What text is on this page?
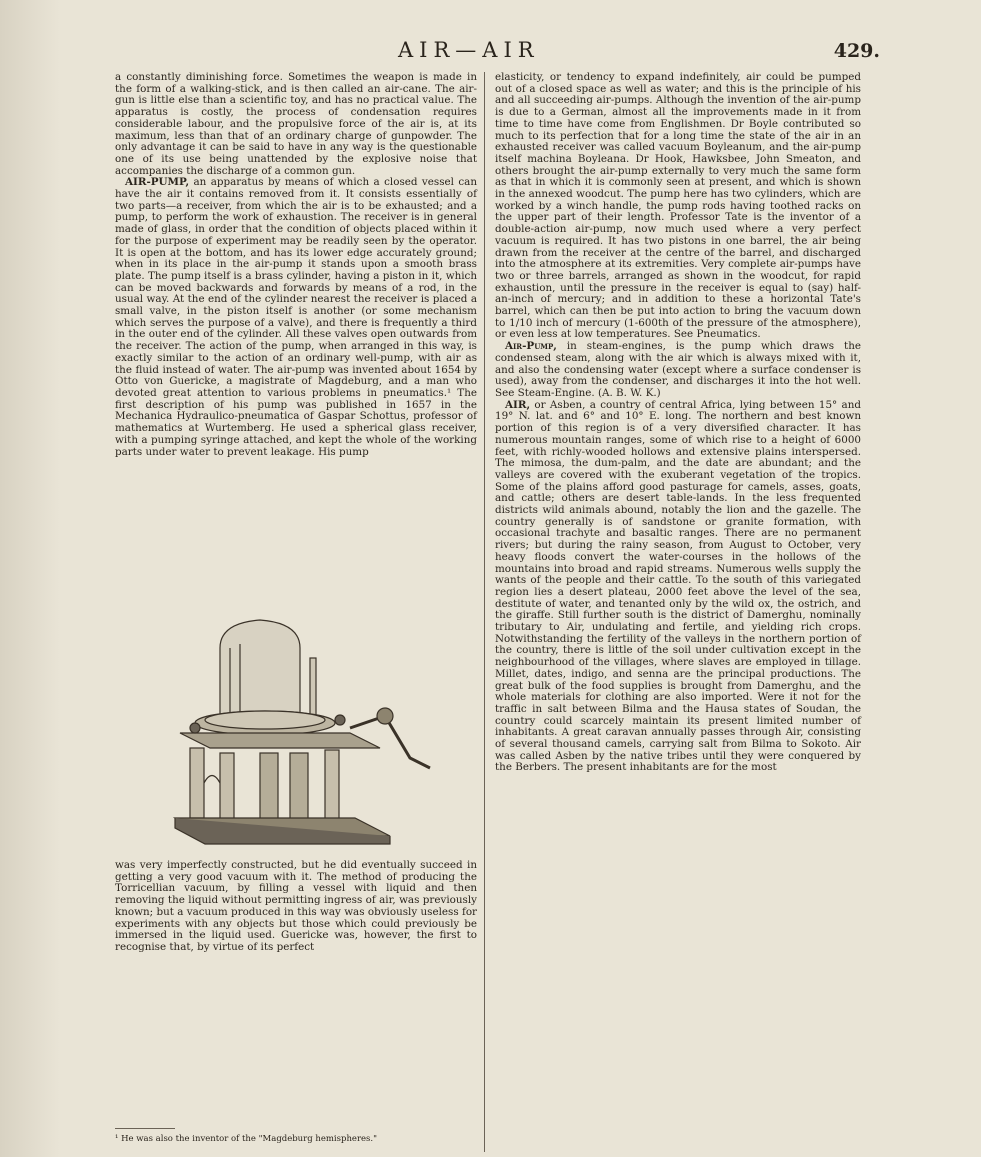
AIR—AIR	429.

a constantly diminishing force. Sometimes the weapon is made in the form of a walking-stick, and is then called an air-cane. The air-gun is little else than a scientific toy, and has no practical value. The apparatus is costly, the process of condensation requires considerable labour, and the propulsive force of the air is, at its maximum, less than that of an ordinary charge of gunpowder. The only advantage it can be said to have in any way is the questionable one of its use being unattended by the explosive noise that accompanies the discharge of a common gun.

AIR-PUMP, an apparatus by means of which a closed vessel can have the air it contains removed from it. It consists essentially of two parts—a receiver, from which the air is to be exhausted; and a pump, to perform the work of exhaustion. The receiver is in general made of glass, in order that the condition of objects placed within it for the purpose of experiment may be readily seen by the operator. It is open at the bottom, and has its lower edge accurately ground; when in its place in the air-pump it stands upon a smooth brass plate. The pump itself is a brass cylinder, having a piston in it, which can be moved backwards and forwards by means of a rod, in the usual way. At the end of the cylinder nearest the receiver is placed a small valve, in the piston itself is another (or some mechanism which serves the purpose of a valve), and there is frequently a third in the outer end of the cylinder. All these valves open outwards from the receiver. The action of the pump, when arranged in this way, is exactly similar to the action of an ordinary well-pump, with air as the fluid instead of water. The air-pump was invented about 1654 by Otto von Guericke, a magistrate of Magdeburg, and a man who devoted great attention to various problems in pneumatics.¹ The first description of his pump was published in 1657 in the Mechanica Hydraulico-pneumatica of Gaspar Schottus, professor of mathematics at Wurtemberg. He used a spherical glass receiver, with a pumping syringe attached, and kept the whole of the working parts under water to prevent leakage. His pump

was very imperfectly constructed, but he did eventually succeed in getting a very good vacuum with it. The method of producing the Torricellian vacuum, by filling a vessel with liquid and then removing the liquid without permitting ingress of air, was previously known; but a vacuum produced in this way was obviously useless for experiments with any objects but those which could previously be immersed in the liquid used. Guericke was, however, the first to recognise that, by virtue of its perfect

¹ He was also the inventor of the "Magdeburg hemispheres."

elasticity, or tendency to expand indefinitely, air could be pumped out of a closed space as well as water; and this is the principle of his and all succeeding air-pumps. Although the invention of the air-pump is due to a German, almost all the improvements made in it from time to time have come from Englishmen. Dr Boyle contributed so much to its perfection that for a long time the state of the air in an exhausted receiver was called vacuum Boyleanum, and the air-pump itself machina Boyleana. Dr Hook, Hawksbee, John Smeaton, and others brought the air-pump externally to very much the same form as that in which it is commonly seen at present, and which is shown in the annexed woodcut. The pump here has two cylinders, which are worked by a winch handle, the pump rods having toothed racks on the upper part of their length. Professor Tate is the inventor of a double-action air-pump, now much used where a very perfect vacuum is required. It has two pistons in one barrel, the air being drawn from the receiver at the centre of the barrel, and discharged into the atmosphere at its extremities. Very complete air-pumps have two or three barrels, arranged as shown in the woodcut, for rapid exhaustion, until the pressure in the receiver is equal to (say) half-an-inch of mercury; and in addition to these a horizontal Tate's barrel, which can then be put into action to bring the vacuum down to 1/10 inch of mercury (1-600th of the pressure of the atmosphere), or even less at low temperatures. See Pneumatics.

Air-Pump, in steam-engines, is the pump which draws the condensed steam, along with the air which is always mixed with it, and also the condensing water (except where a surface condenser is used), away from the condenser, and discharges it into the hot well. See Steam-Engine. (A. B. W. K.)

AIR, or Asben, a country of central Africa, lying between 15° and 19° N. lat. and 6° and 10° E. long. The northern and best known portion of this region is of a very diversified character. It has numerous mountain ranges, some of which rise to a height of 6000 feet, with richly-wooded hollows and extensive plains interspersed. The mimosa, the dum-palm, and the date are abundant; and the valleys are covered with the exuberant vegetation of the tropics. Some of the plains afford good pasturage for camels, asses, goats, and cattle; others are desert table-lands. In the less frequented districts wild animals abound, notably the lion and the gazelle. The country generally is of sandstone or granite formation, with occasional trachyte and basaltic ranges. There are no permanent rivers; but during the rainy season, from August to October, very heavy floods convert the water-courses in the hollows of the mountains into broad and rapid streams. Numerous wells supply the wants of the people and their cattle. To the south of this variegated region lies a desert plateau, 2000 feet above the level of the sea, destitute of water, and tenanted only by the wild ox, the ostrich, and the giraffe. Still further south is the district of Damerghu, nominally tributary to Air, undulating and fertile, and yielding rich crops. Notwithstanding the fertility of the valleys in the northern portion of the country, there is little of the soil under cultivation except in the neighbourhood of the villages, where slaves are employed in tillage. Millet, dates, indigo, and senna are the principal productions. The great bulk of the food supplies is brought from Damerghu, and the whole materials for clothing are also imported. Were it not for the traffic in salt between Bilma and the Hausa states of Soudan, the country could scarcely maintain its present limited number of inhabitants. A great caravan annually passes through Air, consisting of several thousand camels, carrying salt from Bilma to Sokoto. Air was called Asben by the native tribes until they were conquered by the Berbers. The present inhabitants are for the most
